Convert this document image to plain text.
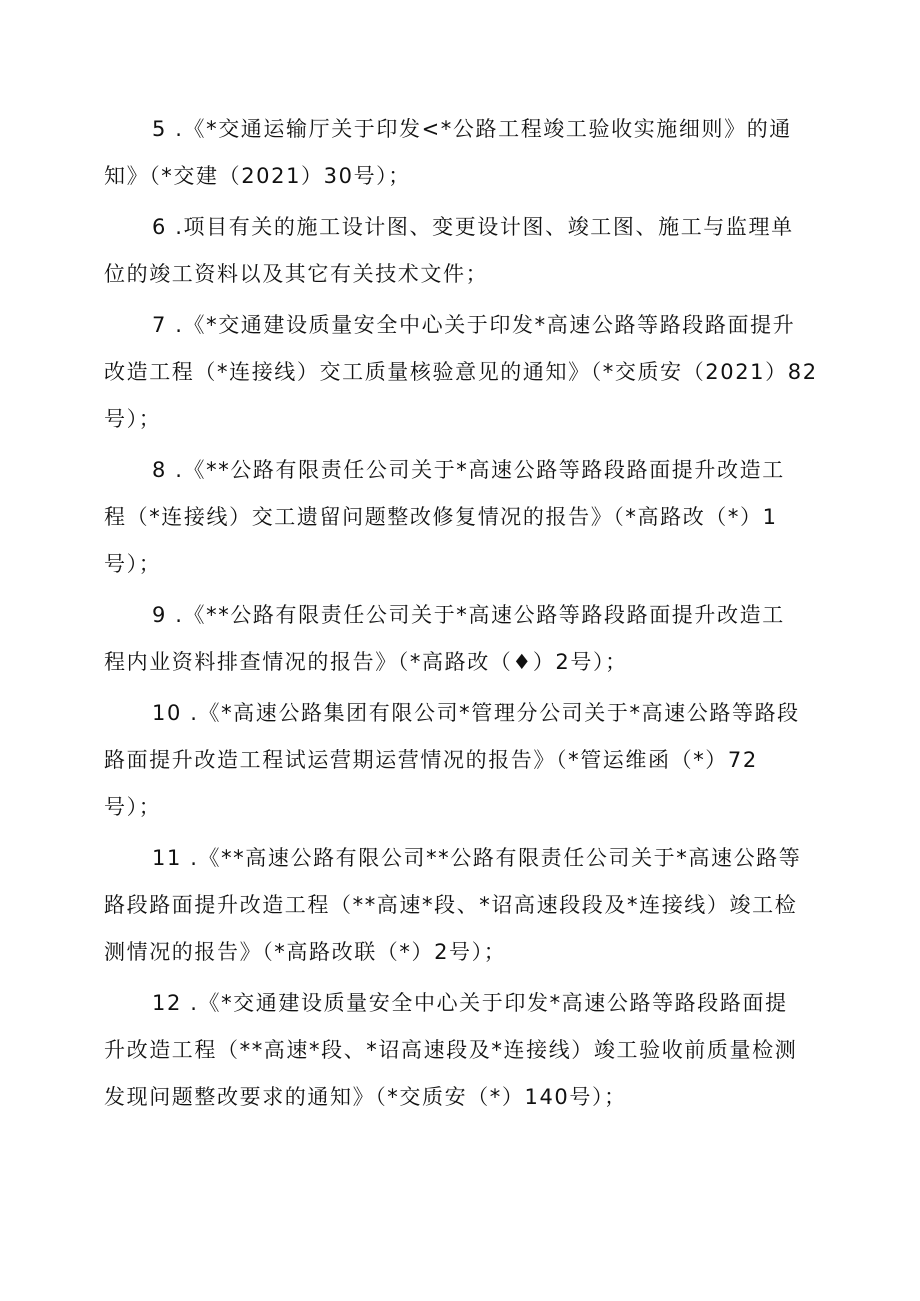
5 .《*交通运输厅关于印发<*公路工程竣工验收实施细则》的通
知》（*交建（2021）30号）；
6 .项目有关的施工设计图、变更设计图、竣工图、施工与监理单
位的竣工资料以及其它有关技术文件；
7 .《*交通建设质量安全中心关于印发*高速公路等路段路面提升
改造工程（*连接线）交工质量核验意见的通知》（*交质安（2021）82
号）；
8 .《**公路有限责任公司关于*高速公路等路段路面提升改造工
程（*连接线）交工遗留问题整改修复情况的报告》（*高路改（*）1
号）；
9 .《**公路有限责任公司关于*高速公路等路段路面提升改造工
程内业资料排查情况的报告》（*高路改（♦）2号）；
10 .《*高速公路集团有限公司*管理分公司关于*高速公路等路段
路面提升改造工程试运营期运营情况的报告》（*管运维函（*）72
号）；
11 .《**高速公路有限公司**公路有限责任公司关于*高速公路等
路段路面提升改造工程（**高速*段、*诏高速段段及*连接线）竣工检
测情况的报告》（*高路改联（*）2号）；
12 .《*交通建设质量安全中心关于印发*高速公路等路段路面提
升改造工程（**高速*段、*诏高速段及*连接线）竣工验收前质量检测
发现问题整改要求的通知》（*交质安（*）140号）；
